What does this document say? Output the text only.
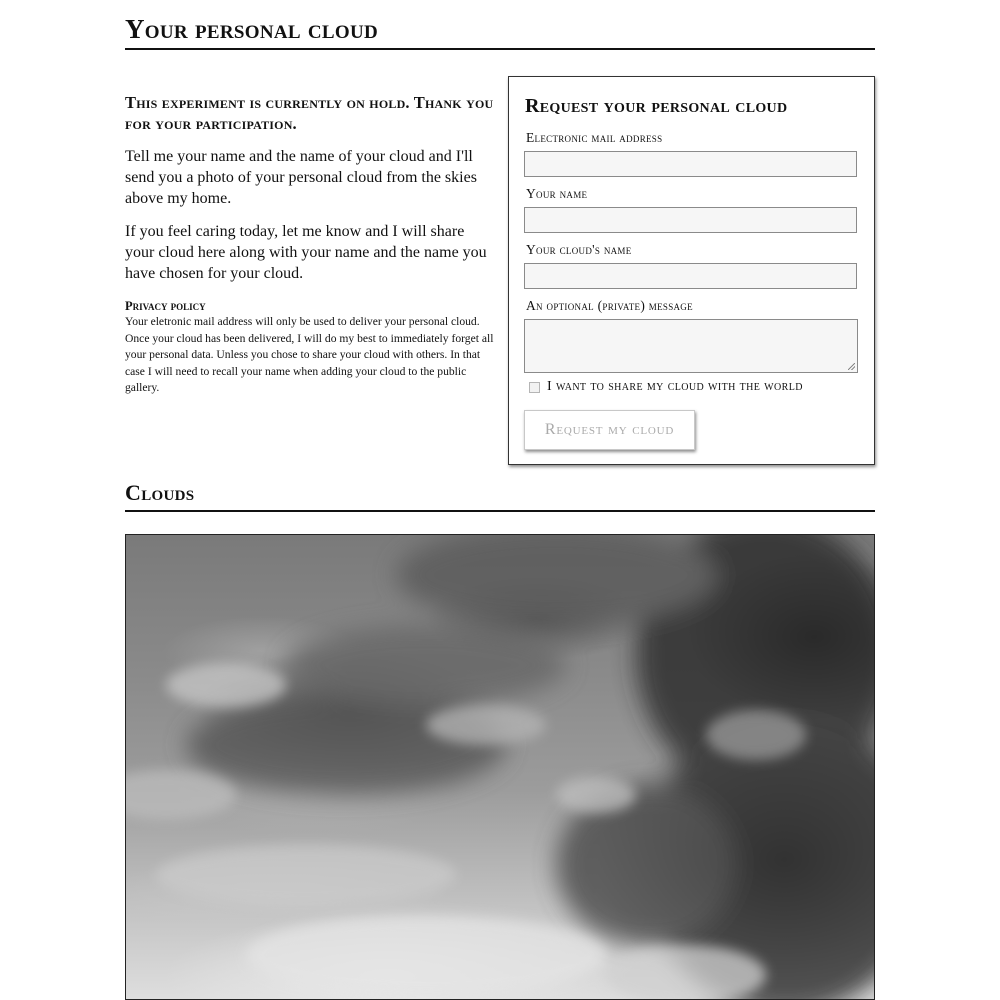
Your personal cloud

This experiment is currently on hold. Thank you for your participation.

Tell me your name and the name of your cloud and I'll send you a photo of your personal cloud from the skies above my home.

If you feel caring today, let me know and I will share your cloud here along with your name and the name you have chosen for your cloud.

Privacy policy

Your eletronic mail address will only be used to deliver your personal cloud. Once your cloud has been delivered, I will do my best to immediately forget all your personal data. Unless you chose to share your cloud with others. In that case I will need to recall your name when adding your cloud to the public gallery.

Request your personal cloud
Electronic mail address
Your name
Your cloud's name
An optional (private) message
I want to share my cloud with the world
Request my cloud
Clouds
